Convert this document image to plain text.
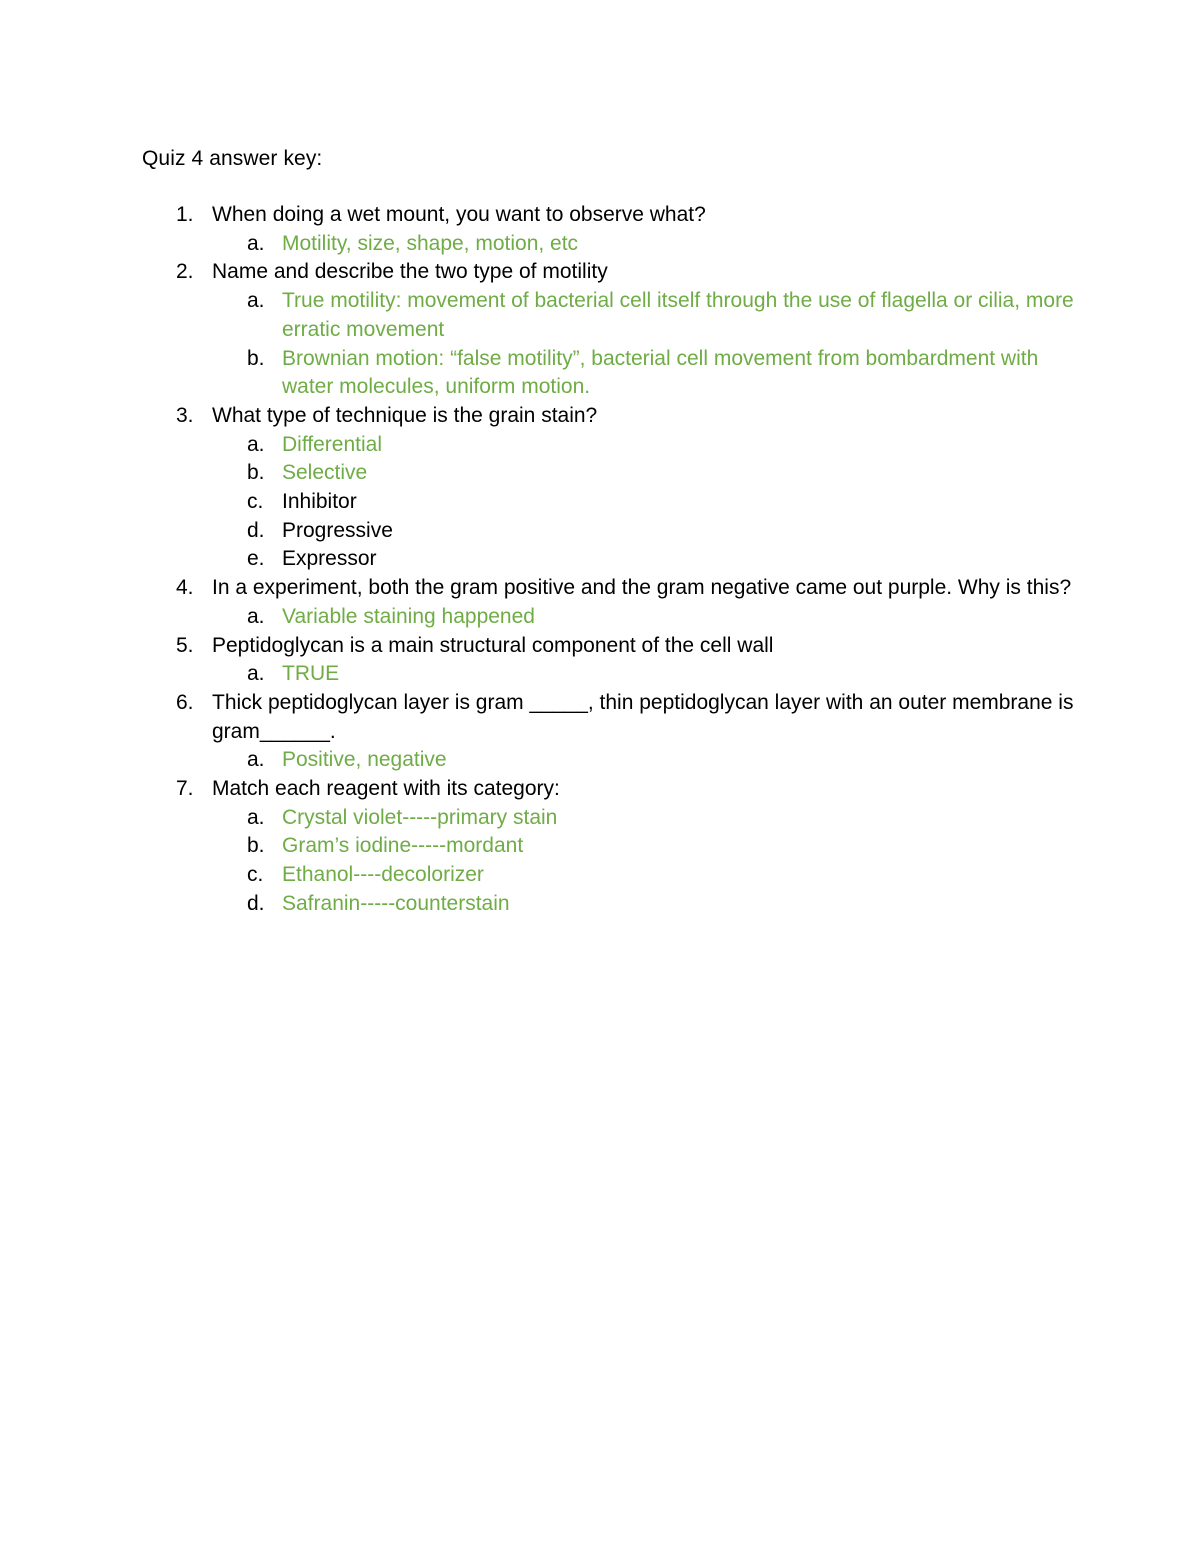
Quiz 4 answer key:
1. When doing a wet mount, you want to observe what?
a. Motility, size, shape, motion, etc
2. Name and describe the two type of motility
a. True motility: movement of bacterial cell itself through the use of flagella or cilia, more erratic movement
b. Brownian motion: “false motility”, bacterial cell movement from bombardment with water molecules, uniform motion.
3. What type of technique is the grain stain?
a. Differential
b. Selective
c. Inhibitor
d. Progressive
e. Expressor
4. In a experiment, both the gram positive and the gram negative came out purple. Why is this?
a. Variable staining happened
5. Peptidoglycan is a main structural component of the cell wall
a. TRUE
6. Thick peptidoglycan layer is gram _____, thin peptidoglycan layer with an outer membrane is gram______.
a. Positive, negative
7. Match each reagent with its category:
a. Crystal violet-----primary stain
b. Gram’s iodine-----mordant
c. Ethanol----decolorizer
d. Safranin-----counterstain
